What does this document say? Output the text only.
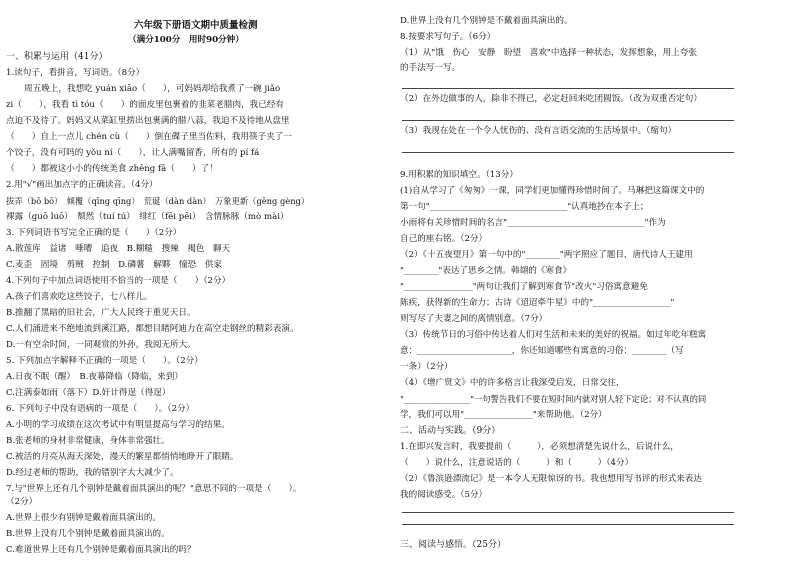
六年级下册语文期中质量检测
（满分100分　用时90分钟）
一、积累与运用（41分）
1.读句子，看拼音，写词语。（8分）
周五晚上，我想吃 yuán xiāo（　　），可妈妈却给我煮了一碗 jiǎo
zi（　　），我看 tì tóu（　　）的面皮里包裹着的韭菜老腊肉，我已经有
点迫不及待了。妈妈又从菜缸里捞出包裹满的腊八蒜，我迫不及待地从盘里
（　　）自上一点儿 chén cù（　　）倒在碟子里当佐料，我用筷子夹了一
个饺子，没有可吗的 yǒu ní（　　），让人满嘴留香，所有的 pí fá
（　　）都被这小小的传统美食 zhēng fā（　　）了！
2.用"√"画出加点字的正确读音。（4分）
拔弄（bō bō）　倾覆（qīng qīng）　荒诞（dàn dàn）　万象更新（gēng gèng）
裸露（guō luō）　颓然（tuí tú）　绯红（fēi pēi）　含情脉脉（mò mài）
3. 下列词语书写完全正确的是（　　）（2分）
A.散莲库　益诸　唾嘈　追夜　B.糊糙　搜辣　褐色　聊天
C.麦歪　固境　剪贼　控制　D.磷薯　解夥　憧恐　供家
4.下列句子中加点词语使用不恰当的一项是（　　）（2分）
A.孩子们喜欢吃这些饺子，七八样儿。
B.推翻了黑暗的旧社会，广大人民终于重见天日。
C.人们涌进来不绝地流到溪江路，都想目睹阿迪力在高空走钢丝的精彩表演。
D.一有空余时间，一同观赏的外孙，我阅无所大。
5. 下列加点字解释不正确的一项是（　　）。（2分）
A.日夜不眠（醒）　B.夜幕降临（降临，来到）
C.注满泰如雨（落下）D.奸计得逞（得逞）
6. 下列句子中没有语病的一项是（　　）。（2分）
A.小明的学习成绩在这次考试中有明显提高与学习的结果。
B.张老师的身材非常健康，身体非常强壮。
C.被活的月亮从海天深处，漫天的繁星都悄悄地睁开了眼睛。
D.经过老师的帮助，我的错别字大大减少了。
7.与"世界上还有几个别钟是戴着面具演出的呢？"意思不同的一项是（　　）。
（2分）
A.世界上很少有别钟是戴着面具演出的。
B.世界上没有几个别钟是戴着面具演出的。
C.难道世界上还有几个别钟是戴着面具演出的吗？
D.世界上没有几个别钟是不戴着面具演出的。
8.按要求写句子。（6分）
（1）从"饿　伤心　安静　盼望　喜欢"中选择一种状态，发挥想象，用上夸张
的手法写一写。
（2）在外边做事的人，除非不得已，必定赶回来吃团圆饭。（改为双重否定句）
（3）我现在处在一个令人忧伤的、没有言语交流的生活场景中。（缩句）
9.用积累的知识填空。（13分）
(1)自从学习了《匆匆》一课，同学们更加懂得珍惜时间了。马琳把这篇课文中的
第一句"________________________________"认真地抄在本子上；
小雨将有关珍惜时间的名言"________________________________"作为
自己的座右铭。（2分）
（2）《十五夜望月》第一句中的"________"两字照应了题目，唐代诗人王建用
"________"表达了思乡之情。韩翃的《寒食》
"________________"两句让我们了解到寒食节"改火"习俗寓意避免
陈疾，获得新的生命力；古诗《迢迢牵牛星》中的"__________________"
则写尽了夫妻之间的离情别意。（7分）
（3）传统节日的习俗中传达着人们对生活和未来的美好的祝福。如过年吃年糕寓
意：______________________，你还知道哪些有寓意的习俗：________（写
一条）（2分）
（4）《增广贤文》中的许多格言让我深受启发，日常交往，
"________________"一句警告我们不要在短时间内就对别人轻下定论；对不认真的同
学，我们可以用"________________"来帮助他。（2分）
二、活动与实践。（9分）
1.在即兴发言时，我要提前（　　　），必须想清楚先说什么，后说什么，
（　　）说什么，注意说话的（　　　）和（　　　）（4分）
（2）《鲁滨逊漂流记》是一本令人无限惊讶的书。我也想用写书评的形式来表达
我的阅读感受。（5分）
三、阅读与感悟。（25分）
